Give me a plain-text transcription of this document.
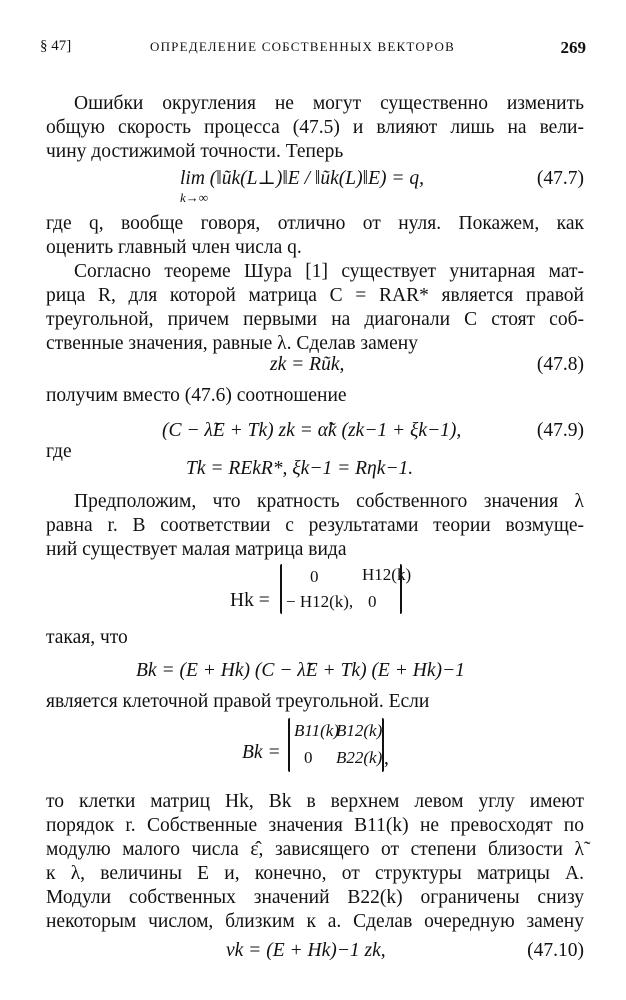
§ 47]	ОПРЕДЕЛЕНИЕ СОБСТВЕННЫХ ВЕКТОРОВ	269
Ошибки округления не могут существенно изменить
общую скорость процесса (47.5) и влияют лишь на вели-
чину достижимой точности. Теперь
lim (‖ũk(L⊥)‖E / ‖ũk(L)‖E) = q,
k→∞
(47.7)
где q, вообще говоря, отлично от нуля. Покажем, как
оценить главный член числа q.
Согласно теореме Шура [1] существует унитарная мат-
рица R, для которой матрица C = RAR* является правой
треугольной, причем первыми на диагонали C стоят соб-
ственные значения, равные λ. Сделав замену
zk = Rũk,	(47.8)
получим вместо (47.6) соотношение
(C − λ̃E + Tk) zk = α̃k (zk−1 + ξk−1),	(47.9)
где
Tk = REkR*, ξk−1 = Rηk−1.
Предположим, что кратность собственного значения λ
равна r. В соответствии с результатами теории возмуще-
ний существует малая матрица вида
Hk =
0	H12(k)
− H12(k), 0
такая, что
Bk = (E + Hk) (C − λ̃E + Tk) (E + Hk)−1
является клеточной правой треугольной. Если
Bk =
B11(k)
B12(k)
0 B22(k) ,
то клетки матриц Hk, Bk в верхнем левом углу имеют
порядок r. Собственные значения B11(k) не превосходят по
модулю малого числа ε̂, зависящего от степени близости λ̃
к λ, величины E и, конечно, от структуры матрицы A.
Модули собственных значений B22(k) ограничены снизу
некоторым числом, близким к a. Сделав очередную замену
vk = (E + Hk)−1 zk,	(47.10)
